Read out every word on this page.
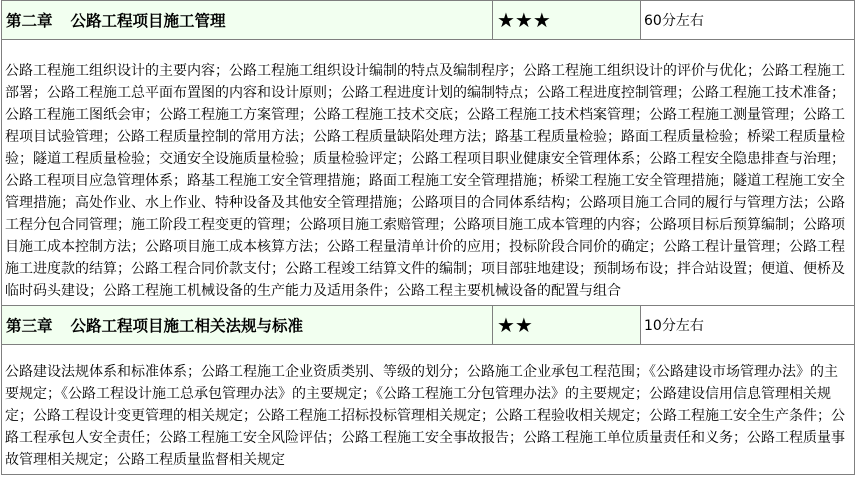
第二章 公路工程项目施工管理	★★★	60分左右
公路工程施工组织设计的主要内容；公路工程施工组织设计编制的特点及编制程序；公路工程施工组织设计的评价与优化；公路工程施工部署；公路工程施工总平面布置图的内容和设计原则；公路工程进度计划的编制特点；公路工程进度控制管理；公路工程施工技术准备；公路工程施工图纸会审；公路工程施工方案管理；公路工程施工技术交底；公路工程施工技术档案管理；公路工程施工测量管理；公路工程项目试验管理；公路工程质量控制的常用方法；公路工程质量缺陷处理方法；路基工程质量检验；路面工程质量检验；桥梁工程质量检验；隧道工程质量检验；交通安全设施质量检验；质量检验评定；公路工程项目职业健康安全管理体系；公路工程安全隐患排查与治理；公路工程项目应急管理体系；路基工程施工安全管理措施；路面工程施工安全管理措施；桥梁工程施工安全管理措施；隧道工程施工安全管理措施；高处作业、水上作业、特种设备及其他安全管理措施；公路项目的合同体系结构；公路项目施工合同的履行与管理方法；公路工程分包合同管理；施工阶段工程变更的管理；公路项目施工索赔管理；公路项目施工成本管理的内容；公路项目标后预算编制；公路项目施工成本控制方法；公路项目施工成本核算方法；公路工程量清单计价的应用；投标阶段合同价的确定；公路工程计量管理；公路工程施工进度款的结算；公路工程合同价款支付；公路工程竣工结算文件的编制；项目部驻地建设；预制场布设；拌合站设置；便道、便桥及临时码头建设；公路工程施工机械设备的生产能力及适用条件；公路工程主要机械设备的配置与组合		
第三章 公路工程项目施工相关法规与标准	★★	10分左右
公路建设法规体系和标准体系；公路工程施工企业资质类别、等级的划分；公路施工企业承包工程范围；《公路建设市场管理办法》的主要规定；《公路工程设计施工总承包管理办法》的主要规定；《公路工程施工分包管理办法》的主要规定；公路建设信用信息管理相关规定；公路工程设计变更管理的相关规定；公路工程施工招标投标管理相关规定；公路工程验收相关规定；公路工程施工安全生产条件；公路工程承包人安全责任；公路工程施工安全风险评估；公路工程施工安全事故报告；公路工程施工单位质量责任和义务；公路工程质量事故管理相关规定；公路工程质量监督相关规定		
